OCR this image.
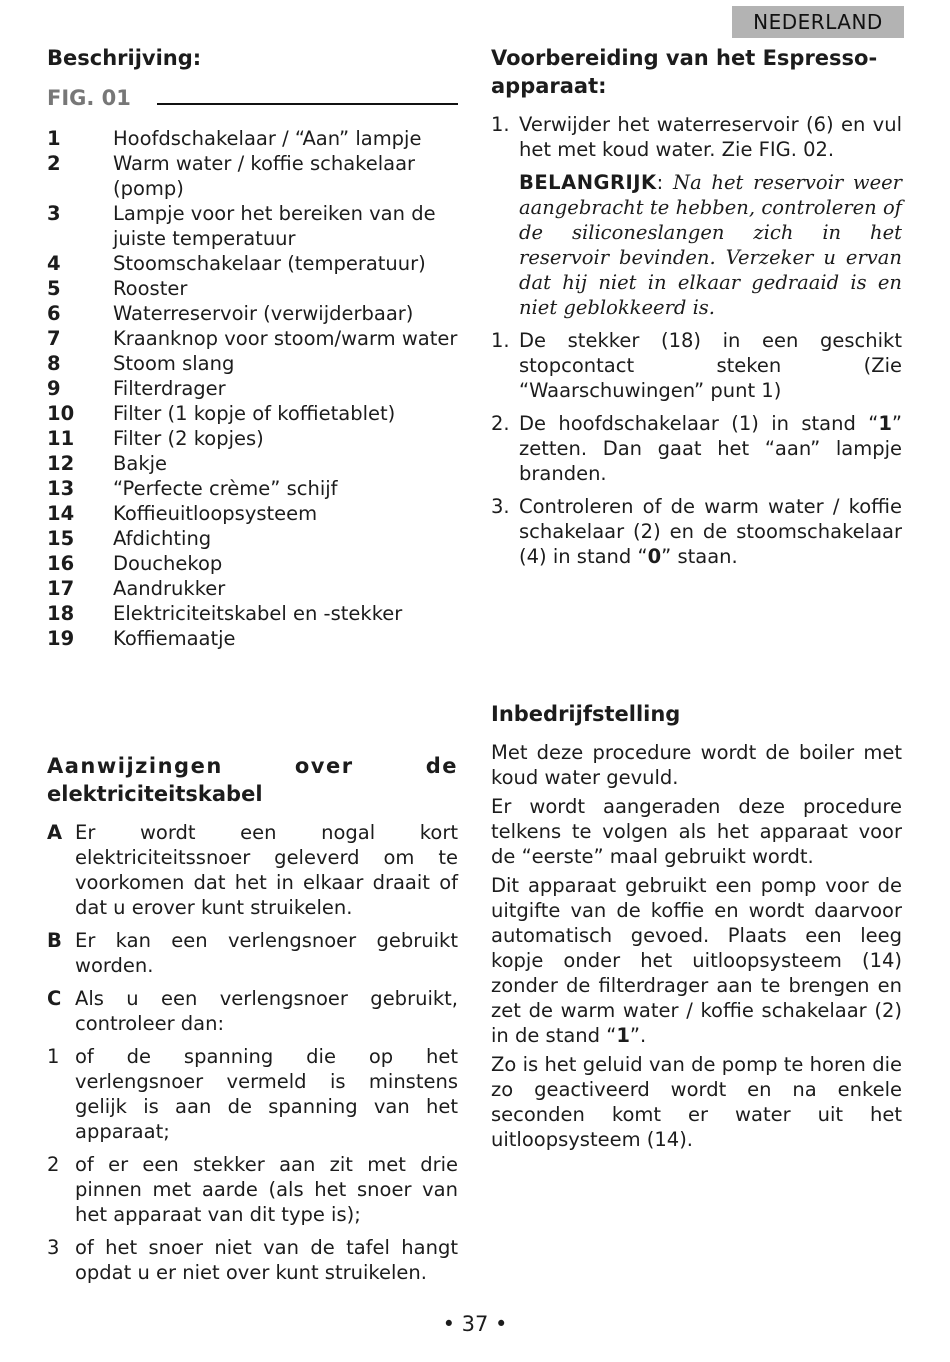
NEDERLAND
Beschrijving:
FIG. 01
1	Hoofdschakelaar / “Aan” lampje
2	Warm water / koffie schakelaar (pomp)
3	Lampje voor het bereiken van de juiste temperatuur
4	Stoomschakelaar (temperatuur)
5	Rooster
6	Waterreservoir (verwijderbaar)
7	Kraanknop voor stoom/warm water
8	Stoom slang
9	Filterdrager
10	Filter (1 kopje of koffietablet)
11	Filter (2 kopjes)
12	Bakje
13	“Perfecte crème” schijf
14	Koffieuitloopsysteem
15	Afdichting
16	Douchekop
17	Aandrukker
18	Elektriciteitskabel en -stekker
19	Koffiemaatje
Aanwijzingen over de
elektriciteitskabel
A Er wordt een nogal kort elektriciteitssnoer geleverd om te voorkomen dat het in elkaar draait of dat u erover kunt struikelen.
B Er kan een verlengsnoer gebruikt worden.
C Als u een verlengsnoer gebruikt, controleer dan:
1 of de spanning die op het verlengsnoer vermeld is minstens gelijk is aan de spanning van het apparaat;
2 of er een stekker aan zit met drie pinnen met aarde (als het snoer van het apparaat van dit type is);
3 of het snoer niet van de tafel hangt opdat u er niet over kunt struikelen.
Voorbereiding van het Espresso-apparaat:
1. Verwijder het waterreservoir (6) en vul het met koud water. Zie FIG. 02.
BELANGRIJK: Na het reservoir weer aangebracht te hebben, controleren of de siliconeslangen zich in het reservoir bevinden. Verzeker u ervan dat hij niet in elkaar gedraaid is en niet geblokkeerd is.
1. De stekker (18) in een geschikt stopcontact steken (Zie “Waarschuwingen” punt 1)
2. De hoofdschakelaar (1) in stand “1” zetten. Dan gaat het “aan” lampje branden.
3. Controleren of de warm water / koffie schakelaar (2) en de stoomschakelaar (4) in stand “0” staan.
Inbedrijfstelling

Met deze procedure wordt de boiler met koud water gevuld.

Er wordt aangeraden deze procedure telkens te volgen als het apparaat voor de “eerste” maal gebruikt wordt.

Dit apparaat gebruikt een pomp voor de uitgifte van de koffie en wordt daarvoor automatisch gevoed. Plaats een leeg kopje onder het uitloopsysteem (14) zonder de filterdrager aan te brengen en zet de warm water / koffie schakelaar (2) in de stand “1”.

Zo is het geluid van de pomp te horen die zo geactiveerd wordt en na enkele seconden komt er water uit het uitloopsysteem (14).

• 37 •
